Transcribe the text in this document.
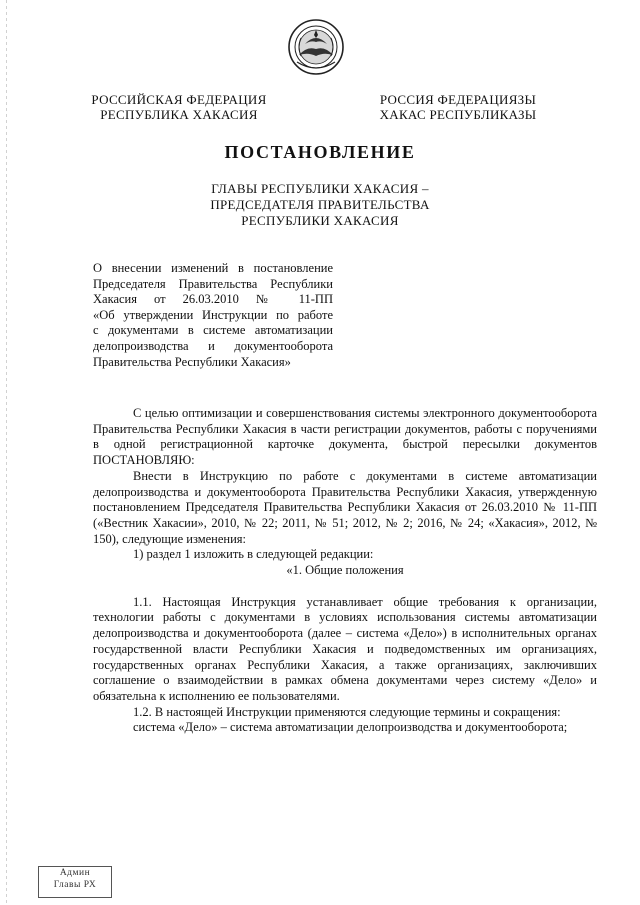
РОССИЙСКАЯ ФЕДЕРАЦИЯ
РЕСПУБЛИКА ХАКАСИЯ
РОССИЯ ФЕДЕРАЦИЯЗЫ
ХАКАС РЕСПУБЛИКАЗЫ
ПОСТАНОВЛЕНИЕ
ГЛАВЫ РЕСПУБЛИКИ ХАКАСИЯ –
ПРЕДСЕДАТЕЛЯ ПРАВИТЕЛЬСТВА
РЕСПУБЛИКИ ХАКАСИЯ
О внесении изменений в постановление
Председателя Правительства Республики
Хакасия от 26.03.2010 № 11-ПП
«Об утверждении Инструкции по работе
с документами в системе автоматизации
делопроизводства и документооборота
Правительства Республики Хакасия»

С целью оптимизации и совершенствования системы электронного документооборота Правительства Республики Хакасия в части регистрации документов, работы с поручениями в одной регистрационной карточке документа, быстрой пересылки документов ПОСТАНОВЛЯЮ:

Внести в Инструкцию по работе с документами в системе автоматизации делопроизводства и документооборота Правительства Республики Хакасия, утвержденную постановлением Председателя Правительства Республики Хакасия от 26.03.2010 № 11-ПП («Вестник Хакасии», 2010, № 22; 2011, № 51; 2012, № 2; 2016, № 24; «Хакасия», 2012, № 150), следующие изменения:

1) раздел 1 изложить в следующей редакции:

«1. Общие положения

1.1. Настоящая Инструкция устанавливает общие требования к организации, технологии работы с документами в условиях использования системы автоматизации делопроизводства и документооборота (далее – система «Дело») в исполнительных органах государственной власти Республики Хакасия и подведомственных им организациях, государственных органах Республики Хакасия, а также организациях, заключивших соглашение о взаимодействии в рамках обмена документами через систему «Дело» и обязательна к исполнению ее пользователями.

1.2. В настоящей Инструкции применяются следующие термины и сокращения:

система «Дело» – система автоматизации делопроизводства и документооборота;

Админ
Главы РХ
